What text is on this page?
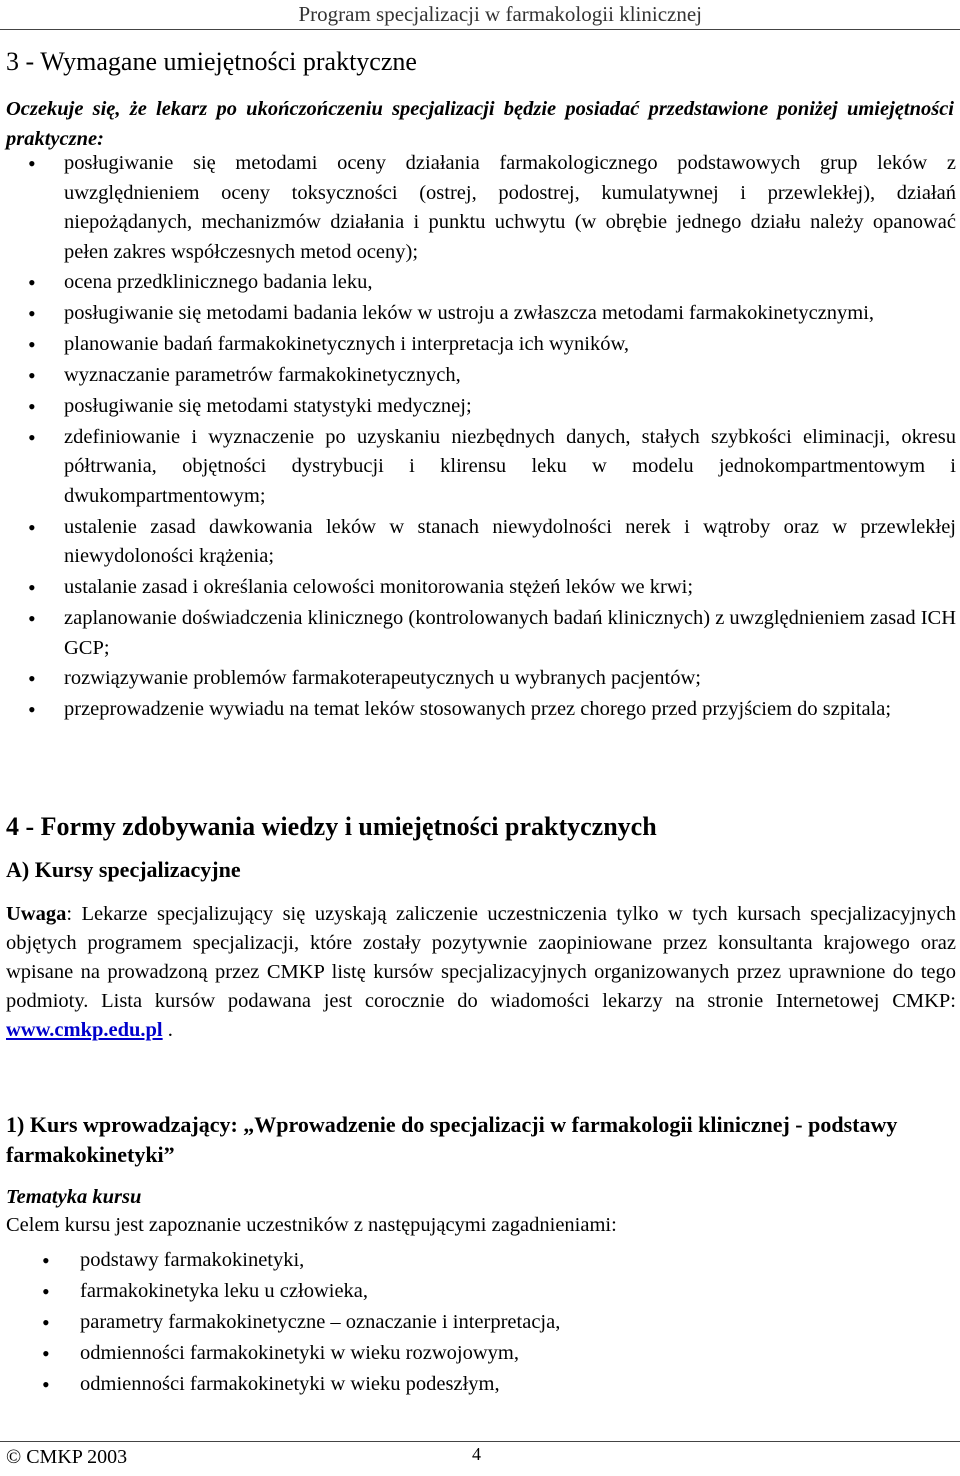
Program specjalizacji w farmakologii klinicznej
3 - Wymagane umiejętności praktyczne
Oczekuje się, że lekarz po ukończończeniu specjalizacji będzie posiadać przedstawione poniżej umiejętności praktyczne:
• posługiwanie się metodami oceny działania farmakologicznego podstawowych grup leków z uwzględnieniem oceny toksyczności (ostrej, podostrej, kumulatywnej i przewlekłej), działań niepożądanych, mechanizmów działania i punktu uchwytu (w obrębie jednego działu należy opanować pełen zakres współczesnych metod oceny);
• ocena przedklinicznego badania leku,
• posługiwanie się metodami badania leków w ustroju a zwłaszcza metodami farmakokinetycznymi,
• planowanie badań farmakokinetycznych i interpretacja ich wyników,
• wyznaczanie parametrów farmakokinetycznych,
• posługiwanie się metodami statystyki medycznej;
• zdefiniowanie i wyznaczenie po uzyskaniu niezbędnych danych, stałych szybkości eliminacji, okresu półtrwania, objętności dystrybucji i klirensu leku w modelu jednokompartmentowym i dwukompartmentowym;
• ustalenie zasad dawkowania leków w stanach niewydolności nerek i wątroby oraz w przewlekłej niewydoloności krążenia;
• ustalanie zasad i określania celowości monitorowania stężeń leków we krwi;
• zaplanowanie doświadczenia klinicznego (kontrolowanych badań klinicznych) z uwzględnieniem zasad ICH GCP;
• rozwiązywanie problemów farmakoterapeutycznych u wybranych pacjentów;
• przeprowadzenie wywiadu na temat leków stosowanych przez chorego przed przyjściem do szpitala;
4 - Formy zdobywania wiedzy i umiejętności praktycznych
A) Kursy specjalizacyjne
Uwaga: Lekarze specjalizujący się uzyskają zaliczenie uczestniczenia tylko w tych kursach specjalizacyjnych objętych programem specjalizacji, które zostały pozytywnie zaopiniowane przez konsultanta krajowego oraz wpisane na prowadzoną przez CMKP listę kursów specjalizacyjnych organizowanych przez uprawnione do tego podmioty. Lista kursów podawana jest corocznie do wiadomości lekarzy na stronie Internetowej CMKP: www.cmkp.edu.pl .
1) Kurs wprowadzający: „Wprowadzenie do specjalizacji w farmakologii klinicznej - podstawy farmakokinetyki”
Tematyka kursu
Celem kursu jest zapoznanie uczestników z następującymi zagadnieniami:
• podstawy farmakokinetyki,
• farmakokinetyka leku u człowieka,
• parametry farmakokinetyczne – oznaczanie i interpretacja,
• odmienności farmakokinetyki w wieku rozwojowym,
• odmienności farmakokinetyki w wieku podeszłym,
© CMKP 2003	4
